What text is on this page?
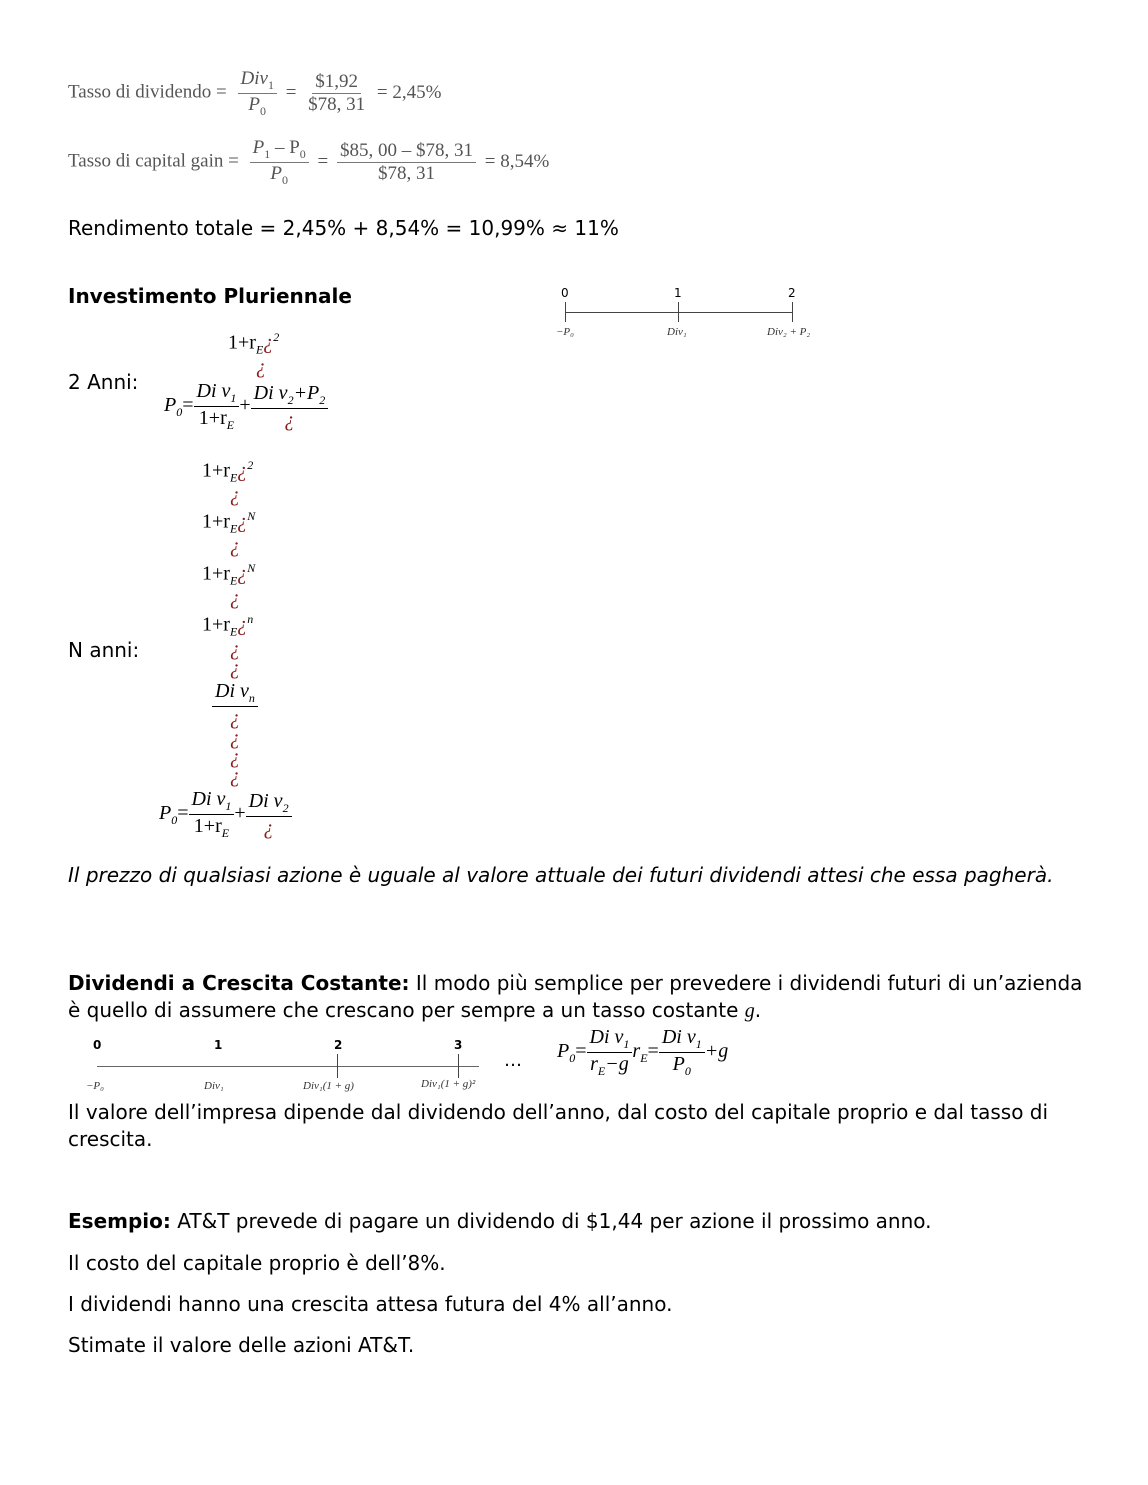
Tasso di dividendo = $\frac{Div_1}{P_0} = \frac{\$1,92}{\$78, 31} = 2,45\%$
Tasso di capital gain = $\frac{P_1 - P_0}{P_0} = \frac{\$85, 00 - \$78, 31}{\$78, 31} = 8,54\%$
Rendimento totale = 2,45% + 8,54% = 10,99% ≈ 11%
Investimento Pluriennale	0	1	2
−P₀	Div₁	Div₂ + P₂
2 Anni:
$1+r_E¿^2$
¿
$P_0= \frac{Di v_1}{1+r_E} + \frac{Di v_2+P_2}{¿}$
N anni:
$1+r_E¿^2$
¿
$1+r_E¿^N$
¿
$1+r_E¿^N$
¿
$1+r_E¿^n$
¿
¿
$\frac{Di v_n}{¿}$
¿
¿
¿
$P_0= \frac{Di v_1}{1+r_E} + \frac{Di v_2}{¿}$
Il prezzo di qualsiasi azione è uguale al valore attuale dei futuri dividendi attesi che essa pagherà.
Dividendi a Crescita Costante: Il modo più semplice per prevedere i dividendi futuri di un’azienda è quello di assumere che crescano per sempre a un tasso costante g.
0	1	2	3
−P₀	Div₁	Div₁(1 + g)	Div₁(1 + g)²
… $P_0= \frac{Di v_1}{r_E-g} r_E= \frac{Di v_1}{P_0} +g$
Il valore dell’impresa dipende dal dividendo dell’anno, dal costo del capitale proprio e dal tasso di crescita.
Esempio: AT&T prevede di pagare un dividendo di $1,44 per azione il prossimo anno.
Il costo del capitale proprio è dell’8%.
I dividendi hanno una crescita attesa futura del 4% all’anno.
Stimate il valore delle azioni AT&T.
